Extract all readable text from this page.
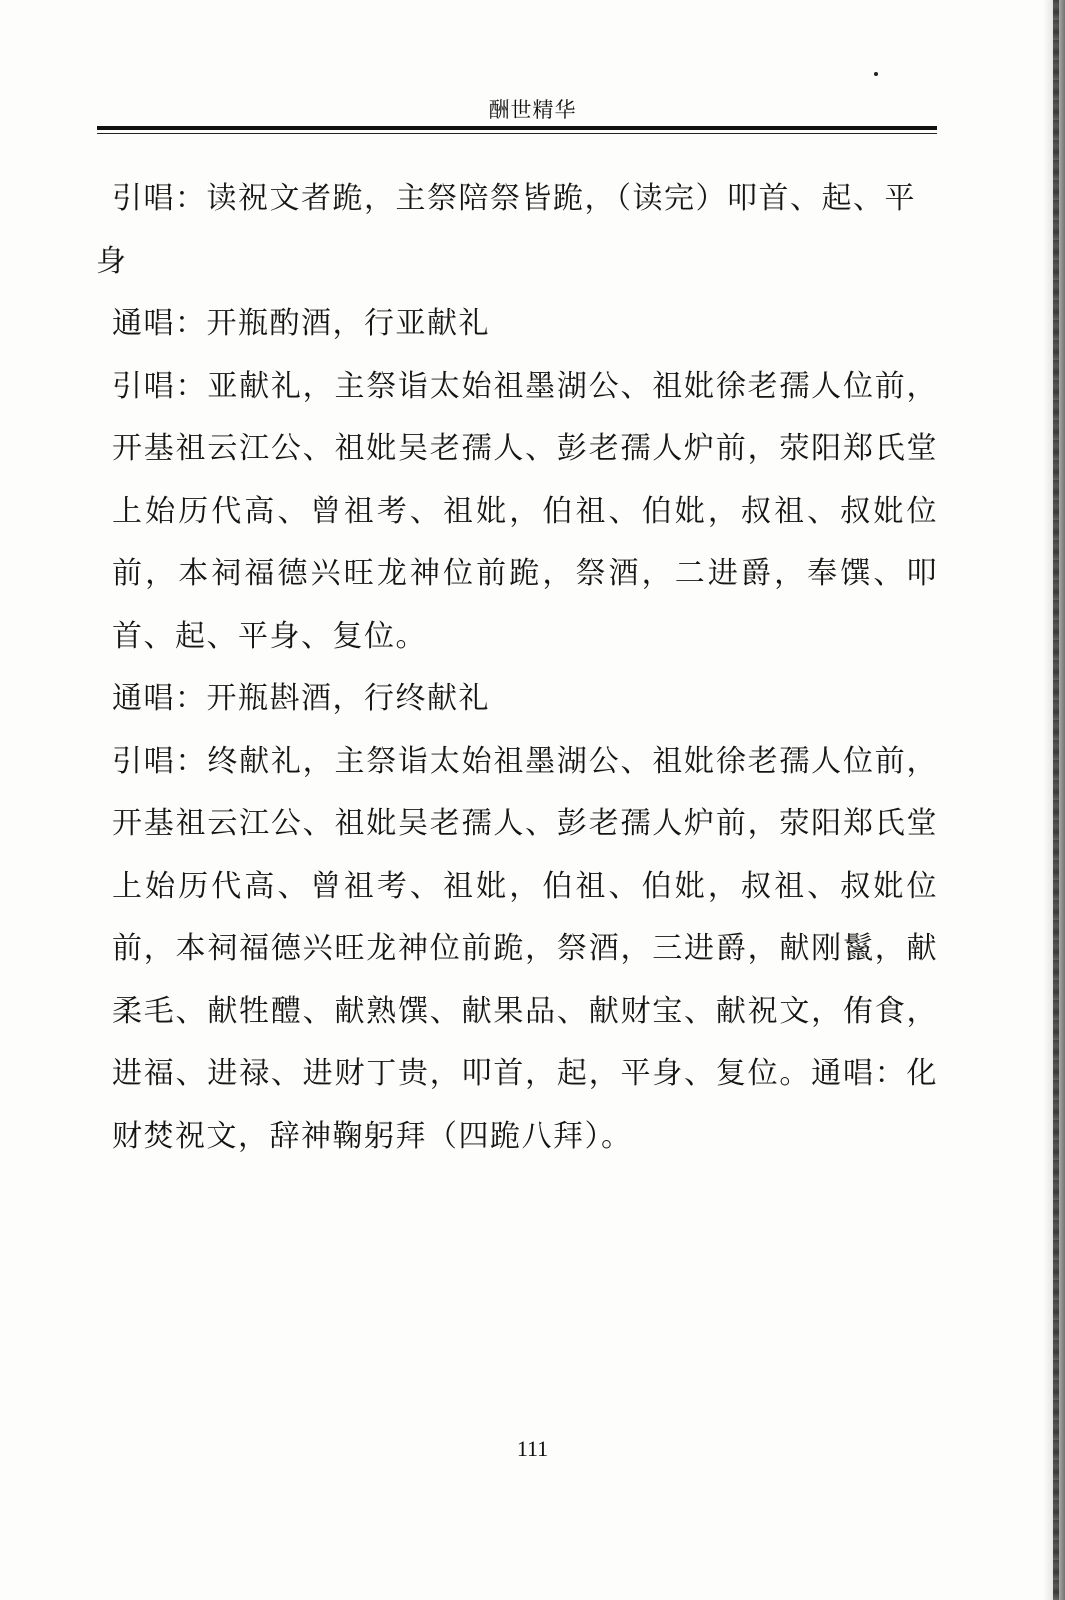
酬世精华

引唱：读祝文者跪，主祭陪祭皆跪，（读完）叩首、起、平
身

通唱：开瓶酌酒，行亚献礼

引唱：亚献礼，主祭诣太始祖墨湖公、祖妣徐老孺人位前，开基祖云江公、祖妣吴老孺人、彭老孺人炉前，荥阳郑氏堂上始历代高、曾祖考、祖妣，伯祖、伯妣，叔祖、叔妣位前，本祠福德兴旺龙神位前跪，祭酒，二进爵，奉馔、叩首、起、平身、复位。

通唱：开瓶斟酒，行终献礼

引唱：终献礼，主祭诣太始祖墨湖公、祖妣徐老孺人位前，开基祖云江公、祖妣吴老孺人、彭老孺人炉前，荥阳郑氏堂上始历代高、曾祖考、祖妣，伯祖、伯妣，叔祖、叔妣位前，本祠福德兴旺龙神位前跪，祭酒，三进爵，献刚鬣，献柔毛、献牲醴、献熟馔、献果品、献财宝、献祝文，侑食，进福、进禄、进财丁贵，叩首，起，平身、复位。通唱：化财焚祝文，辞神鞠躬拜（四跪八拜）。

111
